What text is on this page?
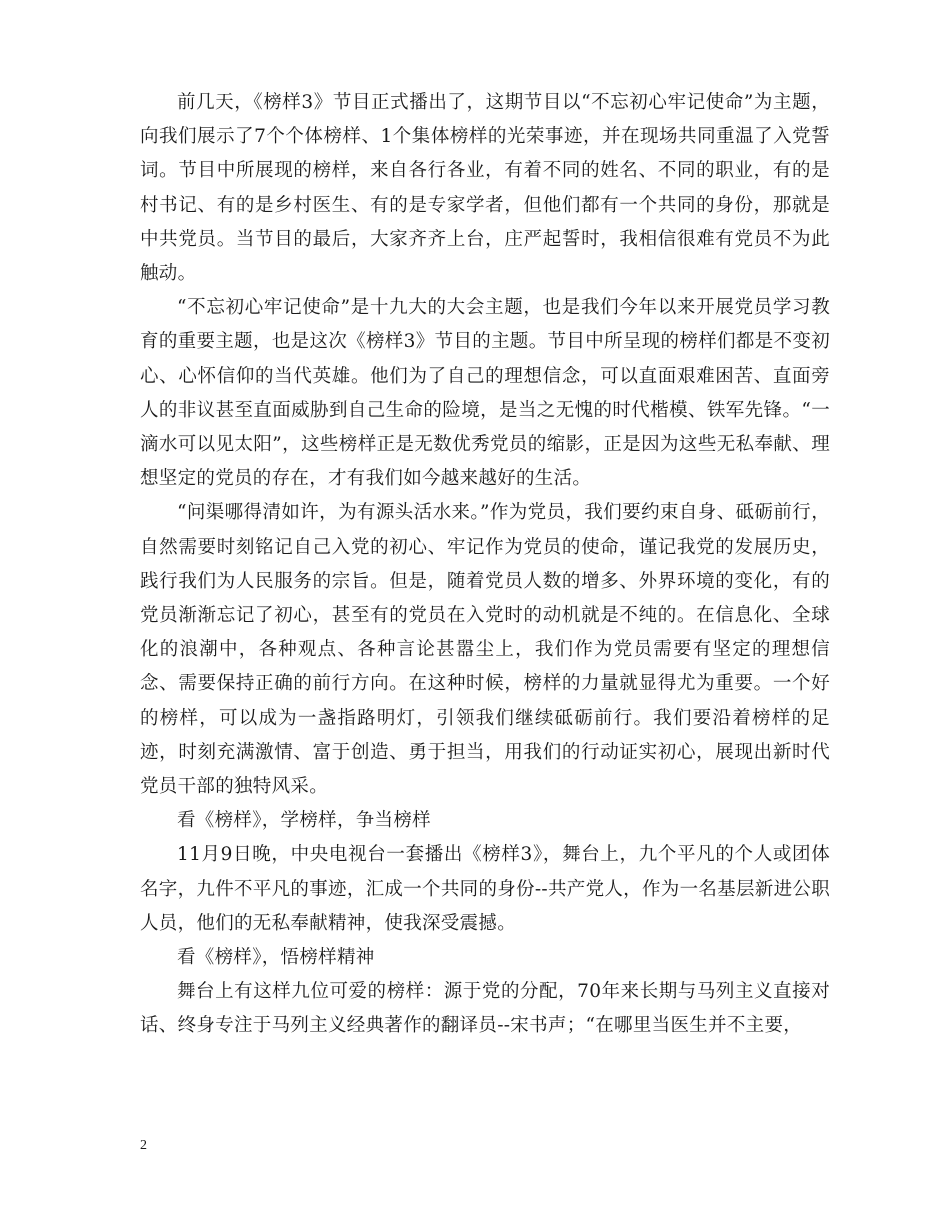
前几天，《榜样3》节目正式播出了，这期节目以“不忘初心牢记使命”为主题，向我们展示了7个个体榜样、1个集体榜样的光荣事迹，并在现场共同重温了入党誓词。节目中所展现的榜样，来自各行各业，有着不同的姓名、不同的职业，有的是村书记、有的是乡村医生、有的是专家学者，但他们都有一个共同的身份，那就是中共党员。当节目的最后，大家齐齐上台，庄严起誓时，我相信很难有党员不为此触动。

“不忘初心牢记使命”是十九大的大会主题，也是我们今年以来开展党员学习教育的重要主题，也是这次《榜样3》节目的主题。节目中所呈现的榜样们都是不变初心、心怀信仰的当代英雄。他们为了自己的理想信念，可以直面艰难困苦、直面旁人的非议甚至直面威胁到自己生命的险境，是当之无愧的时代楷模、铁军先锋。“一滴水可以见太阳”，这些榜样正是无数优秀党员的缩影，正是因为这些无私奉献、理想坚定的党员的存在，才有我们如今越来越好的生活。

“问渠哪得清如许，为有源头活水来。”作为党员，我们要约束自身、砥砺前行，自然需要时刻铭记自己入党的初心、牢记作为党员的使命，谨记我党的发展历史，践行我们为人民服务的宗旨。但是，随着党员人数的增多、外界环境的变化，有的党员渐渐忘记了初心，甚至有的党员在入党时的动机就是不纯的。在信息化、全球化的浪潮中，各种观点、各种言论甚嚣尘上，我们作为党员需要有坚定的理想信念、需要保持正确的前行方向。在这种时候，榜样的力量就显得尤为重要。一个好的榜样，可以成为一盏指路明灯，引领我们继续砥砺前行。我们要沿着榜样的足迹，时刻充满激情、富于创造、勇于担当，用我们的行动证实初心，展现出新时代党员干部的独特风采。

看《榜样》，学榜样，争当榜样

11月9日晚，中央电视台一套播出《榜样3》，舞台上，九个平凡的个人或团体名字，九件不平凡的事迹，汇成一个共同的身份--共产党人，作为一名基层新进公职人员，他们的无私奉献精神，使我深受震撼。

看《榜样》，悟榜样精神

舞台上有这样九位可爱的榜样：源于党的分配，70年来长期与马列主义直接对话、终身专注于马列主义经典著作的翻译员--宋书声；“在哪里当医生并不主要，

2
